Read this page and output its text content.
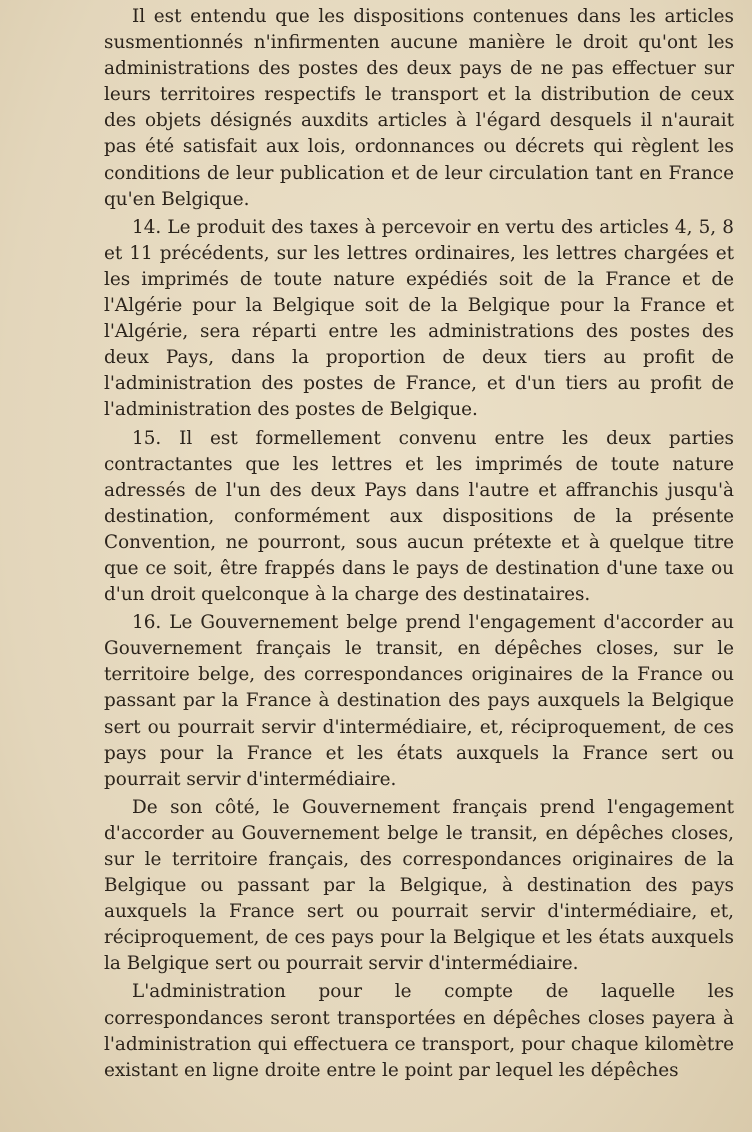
Il est entendu que les dispositions contenues dans les articles susmentionnés n'infirmenten aucune manière le droit qu'ont les administrations des postes des deux pays de ne pas effectuer sur leurs territoires respectifs le transport et la distribution de ceux des objets désignés auxdits articles à l'égard desquels il n'aurait pas été satisfait aux lois, ordonnances ou décrets qui règlent les conditions de leur publication et de leur circulation tant en France qu'en Belgique.

14. Le produit des taxes à percevoir en vertu des articles 4, 5, 8 et 11 précédents, sur les lettres ordinaires, les lettres chargées et les imprimés de toute nature expédiés soit de la France et de l'Algérie pour la Belgique soit de la Belgique pour la France et l'Algérie, sera réparti entre les administrations des postes des deux Pays, dans la proportion de deux tiers au profit de l'administration des postes de France, et d'un tiers au profit de l'administration des postes de Belgique.

15. Il est formellement convenu entre les deux parties contractantes que les lettres et les imprimés de toute nature adressés de l'un des deux Pays dans l'autre et affranchis jusqu'à destination, conformément aux dispositions de la présente Convention, ne pourront, sous aucun prétexte et à quelque titre que ce soit, être frappés dans le pays de destination d'une taxe ou d'un droit quelconque à la charge des destinataires.

16. Le Gouvernement belge prend l'engagement d'accorder au Gouvernement français le transit, en dépêches closes, sur le territoire belge, des correspondances originaires de la France ou passant par la France à destination des pays auxquels la Belgique sert ou pourrait servir d'intermédiaire, et, réciproquement, de ces pays pour la France et les états auxquels la France sert ou pourrait servir d'intermédiaire.

De son côté, le Gouvernement français prend l'engagement d'accorder au Gouvernement belge le transit, en dépêches closes, sur le territoire français, des correspondances originaires de la Belgique ou passant par la Belgique, à destination des pays auxquels la France sert ou pourrait servir d'intermédiaire, et, réciproquement, de ces pays pour la Belgique et les états auxquels la Belgique sert ou pourrait servir d'intermédiaire.

L'administration pour le compte de laquelle les correspondances seront transportées en dépêches closes payera à l'administration qui effectuera ce transport, pour chaque kilomètre existant en ligne droite entre le point par lequel les dépêches
